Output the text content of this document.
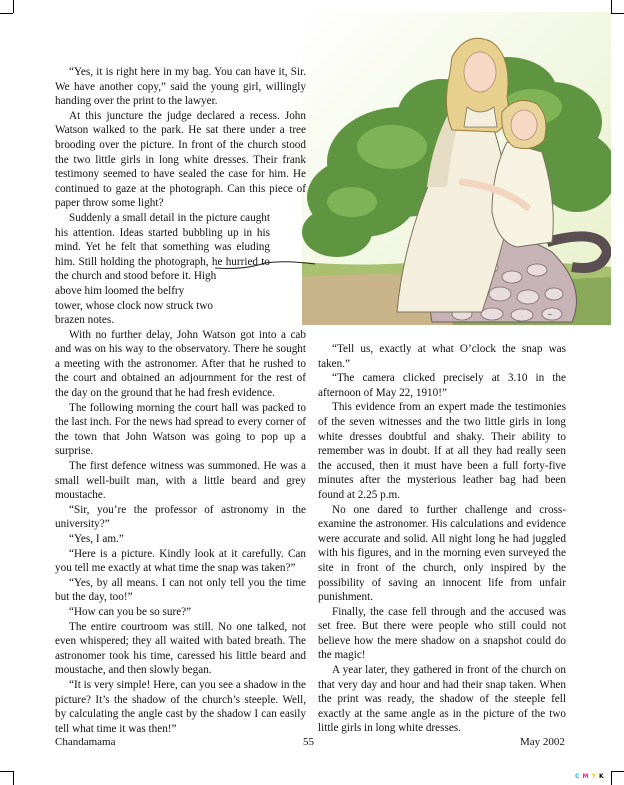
~

“Yes, it is right here in my bag. You can have it, Sir. We have another copy,” said the young girl, willingly handing over the print to the lawyer.

At this juncture the judge declared a recess. John Watson walked to the park. He sat there under a tree brooding over the picture. In front of the church stood the two little girls in long white dresses. Their frank testimony seemed to have sealed the case for him. He continued to gaze at the photograph. Can this piece of paper throw some light?

Suddenly a small detail in the picture caught his attention. Ideas started bubbling up in his mind. Yet he felt that something was eluding him. Still holding the photograph, he hurried to the church and stood before it. High

above him loomed the belfry
tower, whose clock now struck two
brazen notes.

With no further delay, John Watson got into a cab and was on his way to the observatory. There he sought a meeting with the astronomer. After that he rushed to the court and obtained an adjournment for the rest of the day on the ground that he had fresh evidence.

The following morning the court hall was packed to the last inch. For the news had spread to every corner of the town that John Watson was going to pop up a surprise.

The first defence witness was summoned. He was a small well-built man, with a little beard and grey moustache.

“Sir, you’re the professor of astronomy in the university?”

“Yes, I am.”

“Here is a picture. Kindly look at it carefully. Can you tell me exactly at what time the snap was taken?”

“Yes, by all means. I can not only tell you the time but the day, too!”

“How can you be so sure?”

The entire courtroom was still. No one talked, not even whispered; they all waited with bated breath. The astronomer took his time, caressed his little beard and moustache, and then slowly began.

“It is very simple! Here, can you see a shadow in the picture? It’s the shadow of the church’s steeple. Well, by calculating the angle cast by the shadow I can easily tell what time it was then!”

“Tell us, exactly at what O’clock the snap was taken.”

“The camera clicked precisely at 3.10 in the afternoon of May 22, 1910!”

This evidence from an expert made the testimonies of the seven witnesses and the two little girls in long white dresses doubtful and shaky. Their ability to remember was in doubt. If at all they had really seen the accused, then it must have been a full forty-five minutes after the mysterious leather bag had been found at 2.25 p.m.

No one dared to further challenge and cross-examine the astronomer. His calculations and evidence were accurate and solid. All night long he had juggled with his figures, and in the morning even surveyed the site in front of the church, only inspired by the possibility of saving an innocent life from unfair punishment.

Finally, the case fell through and the accused was set free. But there were people who still could not believe how the mere shadow on a snapshot could do the magic!

A year later, they gathered in front of the church on that very day and hour and had their snap taken. When the print was ready, the shadow of the steeple fell exactly at the same angle as in the picture of the two little girls in long white dresses.

Chandamama	55	May 2002
C M Y K
